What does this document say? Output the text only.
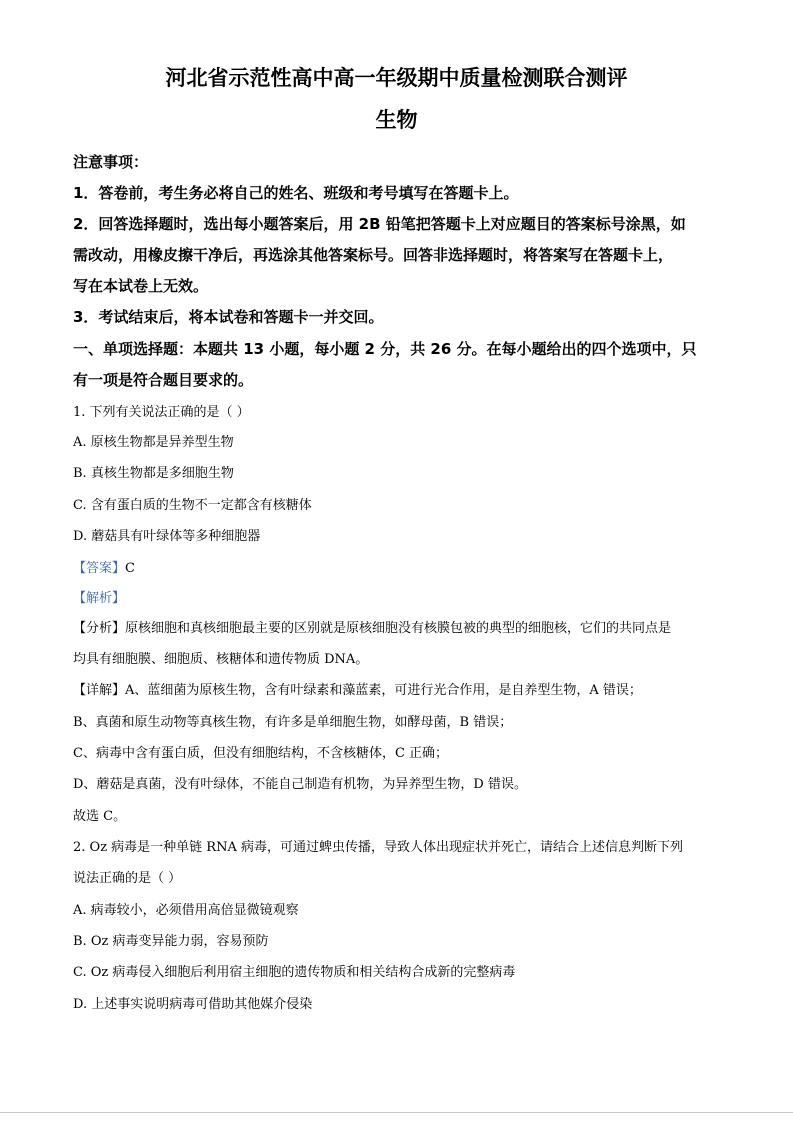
河北省示范性高中高一年级期中质量检测联合测评
生物
注意事项：
1．答卷前，考生务必将自己的姓名、班级和考号填写在答题卡上。
2．回答选择题时，选出每小题答案后，用 2B 铅笔把答题卡上对应题目的答案标号涂黑，如
需改动，用橡皮擦干净后，再选涂其他答案标号。回答非选择题时，将答案写在答题卡上，
写在本试卷上无效。
3．考试结束后，将本试卷和答题卡一并交回。
一、单项选择题：本题共 13 小题，每小题 2 分，共 26 分。在每小题给出的四个选项中，只
有一项是符合题目要求的。
1. 下列有关说法正确的是（ ）
A. 原核生物都是异养型生物
B. 真核生物都是多细胞生物
C. 含有蛋白质的生物不一定都含有核糖体
D. 蘑菇具有叶绿体等多种细胞器
【答案】C
【解析】
【分析】原核细胞和真核细胞最主要的区别就是原核细胞没有核膜包被的典型的细胞核，它们的共同点是
均具有细胞膜、细胞质、核糖体和遗传物质 DNA。
【详解】A、蓝细菌为原核生物，含有叶绿素和藻蓝素，可进行光合作用，是自养型生物，A 错误；
B、真菌和原生动物等真核生物，有许多是单细胞生物，如酵母菌，B 错误；
C、病毒中含有蛋白质，但没有细胞结构，不含核糖体，C 正确；
D、蘑菇是真菌，没有叶绿体，不能自己制造有机物，为异养型生物，D 错误。
故选 C。
2. Oz 病毒是一种单链 RNA 病毒，可通过蜱虫传播，导致人体出现症状并死亡，请结合上述信息判断下列
说法正确的是（ ）
A. 病毒较小，必须借用高倍显微镜观察
B. Oz 病毒变异能力弱，容易预防
C. Oz 病毒侵入细胞后利用宿主细胞的遗传物质和相关结构合成新的完整病毒
D. 上述事实说明病毒可借助其他媒介侵染
